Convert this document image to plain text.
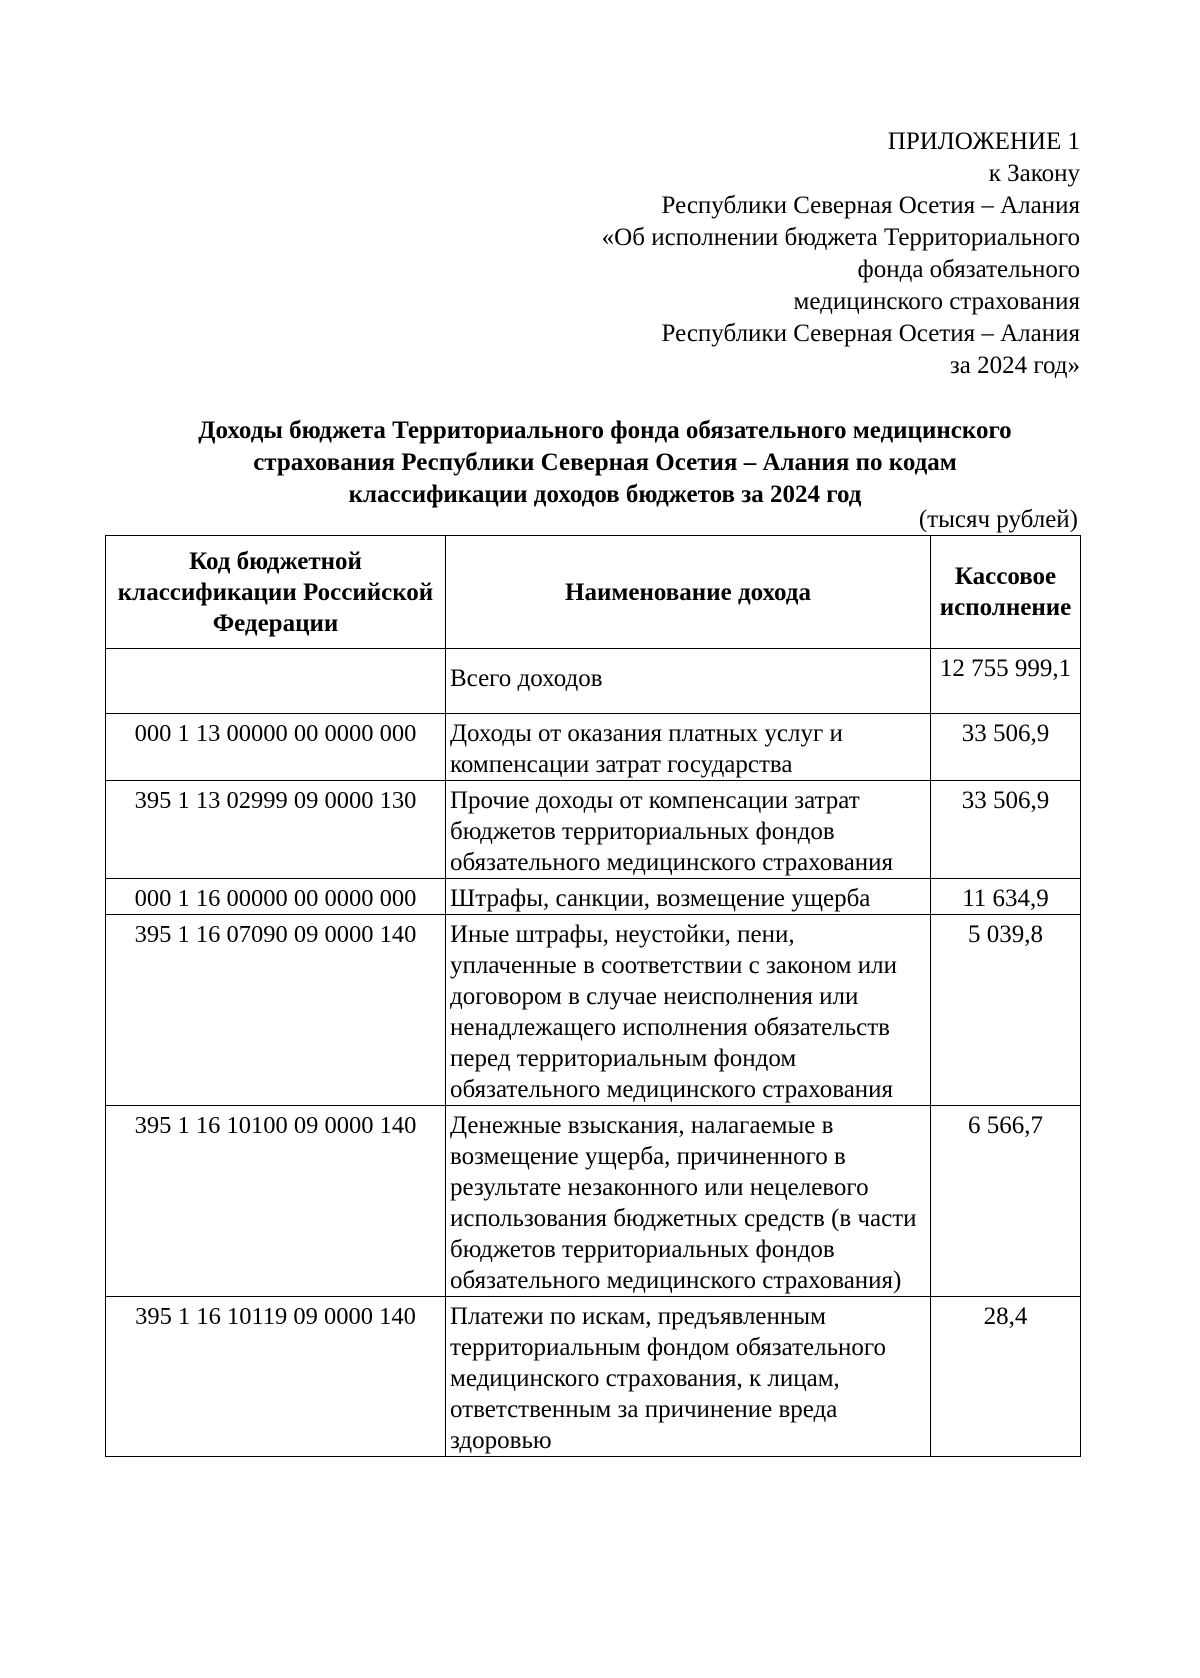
ПРИЛОЖЕНИЕ 1
к Закону
Республики Северная Осетия – Алания
«Об исполнении бюджета Территориального
фонда обязательного
медицинского страхования
Республики Северная Осетия – Алания
за 2024 год»
Доходы бюджета Территориального фонда обязательного медицинского
страхования Республики Северная Осетия – Алания по кодам
классификации доходов бюджетов за 2024 год
(тысяч рублей)
Код бюджетной классификации Российской Федерации	Наименование дохода	Кассовое исполнение
	Всего доходов	12 755 999,1
000 1 13 00000 00 0000 000	Доходы от оказания платных услуг и компенсации затрат государства	33 506,9
395 1 13 02999 09 0000 130	Прочие доходы от компенсации затрат бюджетов территориальных фондов обязательного медицинского страхования	33 506,9
000 1 16 00000 00 0000 000	Штрафы, санкции, возмещение ущерба	11 634,9
395 1 16 07090 09 0000 140	Иные штрафы, неустойки, пени, уплаченные в соответствии с законом или договором в случае неисполнения или ненадлежащего исполнения обязательств перед территориальным фондом обязательного медицинского страхования	5 039,8
395 1 16 10100 09 0000 140	Денежные взыскания, налагаемые в возмещение ущерба, причиненного в результате незаконного или нецелевого использования бюджетных средств (в части бюджетов территориальных фондов обязательного медицинского страхования)	6 566,7
395 1 16 10119 09 0000 140	Платежи по искам, предъявленным территориальным фондом обязательного медицинского страхования, к лицам, ответственным за причинение вреда здоровью	28,4
